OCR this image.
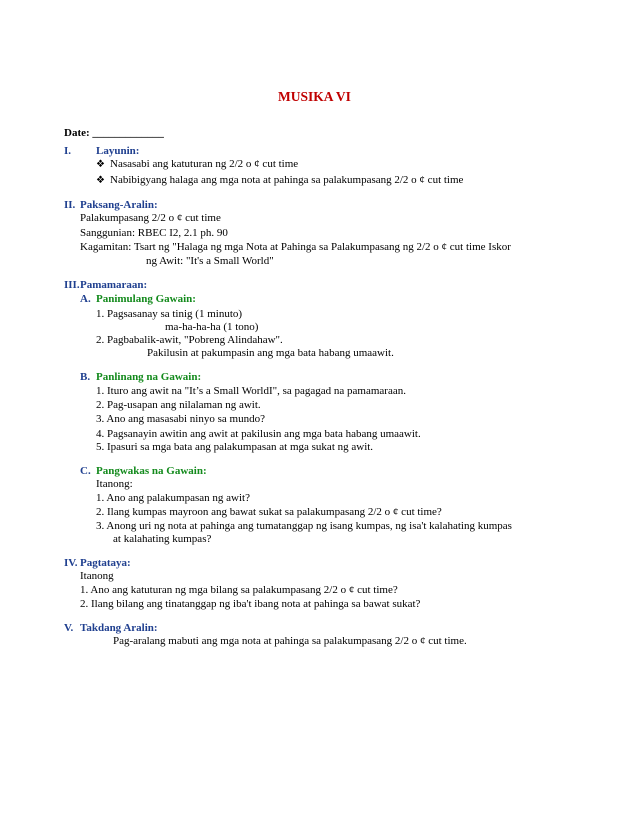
MUSIKA VI
Date: _____________
I. Layunin:
❖ Nasasabi ang katuturan ng 2/2 o ¢ cut time
❖ Nabibigyang halaga ang mga nota at pahinga sa palakumpasang 2/2 o ¢ cut time
II. Paksang-Aralin:
Palakumpasang 2/2 o ¢ cut time
Sanggunian: RBEC I2, 2.1 ph. 90
Kagamitan: Tsart ng "Halaga ng mga Nota at Pahinga sa Palakumpasang ng 2/2 o ¢ cut time Iskor
ng Awit: "It's a Small World"
III. Pamamaraan:
A. Panimulang Gawain:
1. Pagsasanay sa tinig (1 minuto)
ma-ha-ha-ha (1 tono)
2. Pagbabalik-awit, "Pobreng Alindahaw".
Pakilusin at pakumpasin ang mga bata habang umaawit.
B. Panlinang na Gawain:
1. Ituro ang awit na "It’s a Small WorldI", sa pagagad na pamamaraan.
2. Pag-usapan ang nilalaman ng awit.
3. Ano ang masasabi ninyo sa mundo?
4. Pagsanayin awitin ang awit at pakilusin ang mga bata habang umaawit.
5. Ipasuri sa mga bata ang palakumpasan at mga sukat ng awit.
C. Pangwakas na Gawain:
Itanong:
1. Ano ang palakumpasan ng awit?
2. Ilang kumpas mayroon ang bawat sukat sa palakumpasang 2/2 o ¢ cut time?
3. Anong uri ng nota at pahinga ang tumatanggap ng isang kumpas, ng isa't kalahating kumpas
at kalahating kumpas?
IV. Pagtataya:
Itanong
1. Ano ang katuturan ng mga bilang sa palakumpasang 2/2 o ¢ cut time?
2. Ilang bilang ang tinatanggap ng iba't ibang nota at pahinga sa bawat sukat?
V. Takdang Aralin:
Pag-aralang mabuti ang mga nota at pahinga sa palakumpasang 2/2 o ¢ cut time.
